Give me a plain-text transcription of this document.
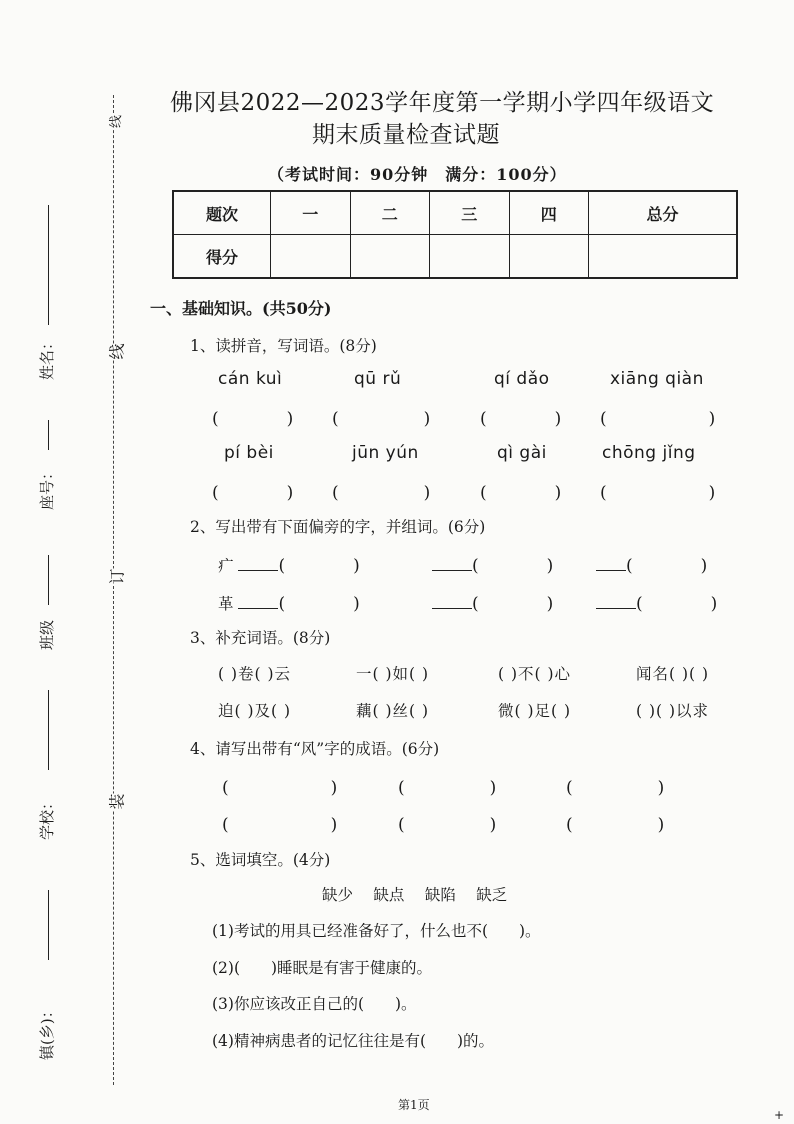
线
线
订
装
姓名：
座号：
班级
学校：
镇(乡)：
佛冈县2022—2023学年度第一学期小学四年级语文
期末质量检查试题
（考试时间：90分钟　满分：100分）
题次	一	二	三	四	总分
得分					
一、基础知识。(共50分)
1、读拼音，写词语。(8分)
cán kuì	qū rǔ	qí dǎo	xiāng qiàn
(　　　　) (　　　　　)	(　　　　) (　　　　　　)
pí bèi	jūn yún	qì gài	chōng jǐng
(　　　　) (　　　　　)	(　　　　) (　　　　　　)
2、写出带有下面偏旁的字，并组词。(6分)
疒	(　　　　)	(　　　　)	(　　　　)
革	(　　　　)	(　　　　)	(　　　　)
3、补充词语。(8分)
( )卷( )云	一( )如( )	( )不( )心	闻名( )( )
迫( )及( )	藕( )丝( )	微( )足( )	( )( )以求
4、请写出带有“风”字的成语。(6分)
(　　　　　　)	(　　　　　)	(　　　　　)
(　　　　　　)	(　　　　　)	(　　　　　)
5、选词填空。(4分)
缺少　 缺点　 缺陷　 缺乏
(1)考试的用具已经准备好了，什么也不(　　)。
(2)(　　)睡眠是有害于健康的。
(3)你应该改正自己的(　　)。
(4)精神病患者的记忆往往是有(　　)的。
第1页
+
